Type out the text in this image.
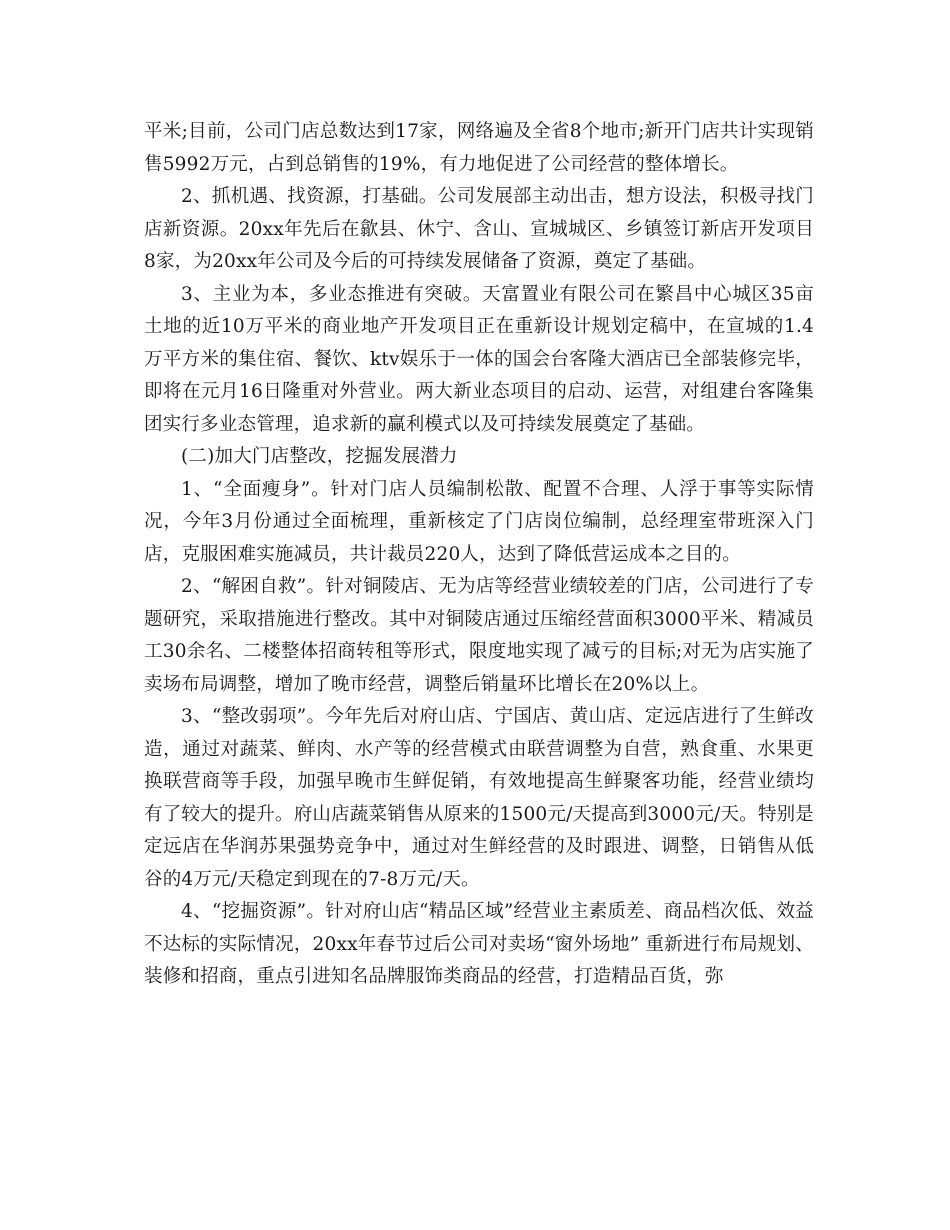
平米;目前，公司门店总数达到17家，网络遍及全省8个地市;新开门店共计实现销售5992万元，占到总销售的19%，有力地促进了公司经营的整体增长。

2、抓机遇、找资源，打基础。公司发展部主动出击，想方设法，积极寻找门店新资源。20xx年先后在歙县、休宁、含山、宣城城区、乡镇签订新店开发项目8家，为20xx年公司及今后的可持续发展储备了资源，奠定了基础。

3、主业为本，多业态推进有突破。天富置业有限公司在繁昌中心城区35亩土地的近10万平米的商业地产开发项目正在重新设计规划定稿中，在宣城的1.4万平方米的集住宿、餐饮、ktv娱乐于一体的国会台客隆大酒店已全部装修完毕，即将在元月16日隆重对外营业。两大新业态项目的启动、运营，对组建台客隆集团实行多业态管理，追求新的赢利模式以及可持续发展奠定了基础。

(二)加大门店整改，挖掘发展潜力

1、“全面瘦身”。针对门店人员编制松散、配置不合理、人浮于事等实际情况，今年3月份通过全面梳理，重新核定了门店岗位编制，总经理室带班深入门店，克服困难实施减员，共计裁员220人，达到了降低营运成本之目的。

2、“解困自救”。针对铜陵店、无为店等经营业绩较差的门店，公司进行了专题研究，采取措施进行整改。其中对铜陵店通过压缩经营面积3000平米、精减员工30余名、二楼整体招商转租等形式，限度地实现了减亏的目标;对无为店实施了卖场布局调整，增加了晚市经营，调整后销量环比增长在20%以上。

3、“整改弱项”。今年先后对府山店、宁国店、黄山店、定远店进行了生鲜改造，通过对蔬菜、鲜肉、水产等的经营模式由联营调整为自营，熟食重、水果更换联营商等手段，加强早晚市生鲜促销，有效地提高生鲜聚客功能，经营业绩均有了较大的提升。府山店蔬菜销售从原来的1500元/天提高到3000元/天。特别是定远店在华润苏果强势竞争中，通过对生鲜经营的及时跟进、调整，日销售从低谷的4万元/天稳定到现在的7-8万元/天。

4、“挖掘资源”。针对府山店“精品区域”经营业主素质差、商品档次低、效益不达标的实际情况，20xx年春节过后公司对卖场“窗外场地” 重新进行布局规划、装修和招商，重点引进知名品牌服饰类商品的经营，打造精品百货，弥
